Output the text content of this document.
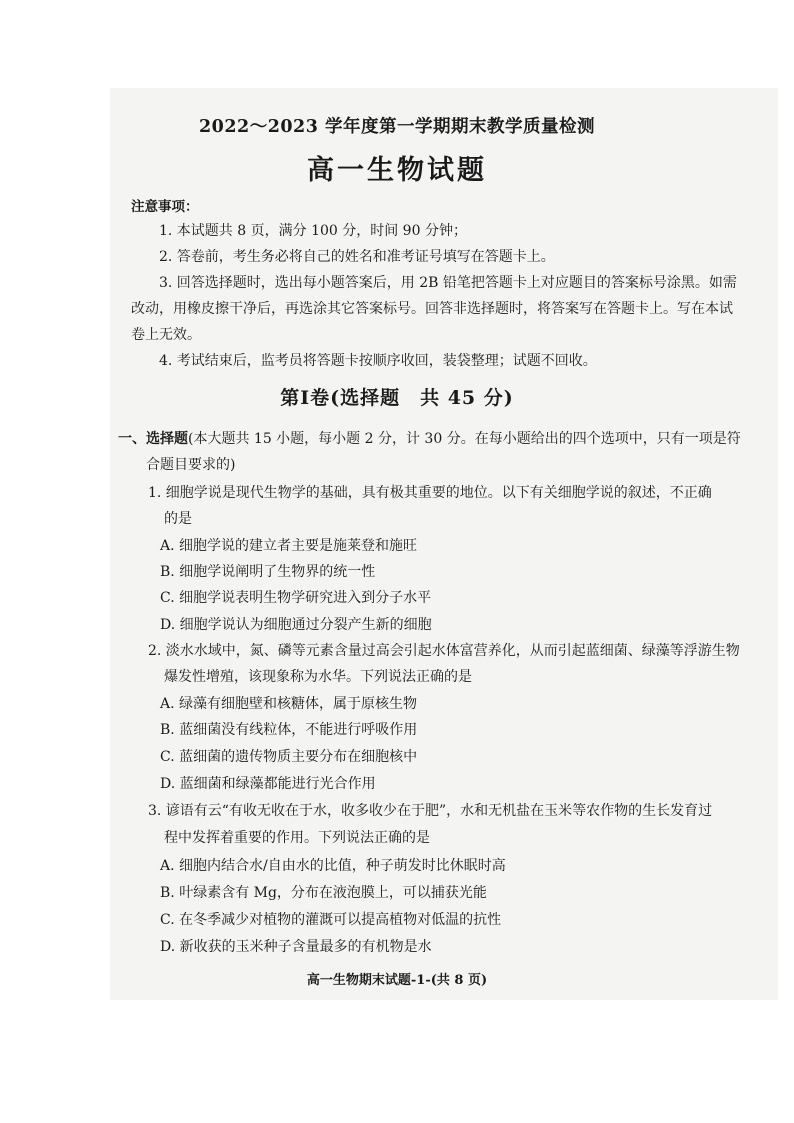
2022～2023 学年度第一学期期末教学质量检测
高一生物试题
注意事项：
1. 本试题共 8 页，满分 100 分，时间 90 分钟；
2. 答卷前，考生务必将自己的姓名和准考证号填写在答题卡上。
3. 回答选择题时，选出每小题答案后，用 2B 铅笔把答题卡上对应题目的答案标号涂黑。如需
改动，用橡皮擦干净后，再选涂其它答案标号。回答非选择题时，将答案写在答题卡上。写在本试
卷上无效。
4. 考试结束后，监考员将答题卡按顺序收回，装袋整理；试题不回收。
第Ⅰ卷(选择题　共 45 分)
一、选择题(本大题共 15 小题，每小题 2 分，计 30 分。在每小题给出的四个选项中，只有一项是符
合题目要求的)
1. 细胞学说是现代生物学的基础，具有极其重要的地位。以下有关细胞学说的叙述，不正确
的是
A. 细胞学说的建立者主要是施莱登和施旺
B. 细胞学说阐明了生物界的统一性
C. 细胞学说表明生物学研究进入到分子水平
D. 细胞学说认为细胞通过分裂产生新的细胞
2. 淡水水域中，氮、磷等元素含量过高会引起水体富营养化，从而引起蓝细菌、绿藻等浮游生物
爆发性增殖，该现象称为水华。下列说法正确的是
A. 绿藻有细胞壁和核糖体，属于原核生物
B. 蓝细菌没有线粒体，不能进行呼吸作用
C. 蓝细菌的遗传物质主要分布在细胞核中
D. 蓝细菌和绿藻都能进行光合作用
3. 谚语有云“有收无收在于水，收多收少在于肥”，水和无机盐在玉米等农作物的生长发育过
程中发挥着重要的作用。下列说法正确的是
A. 细胞内结合水/自由水的比值，种子萌发时比休眠时高
B. 叶绿素含有 Mg，分布在液泡膜上，可以捕获光能
C. 在冬季减少对植物的灌溉可以提高植物对低温的抗性
D. 新收获的玉米种子含量最多的有机物是水
高一生物期末试题-1-(共 8 页)
